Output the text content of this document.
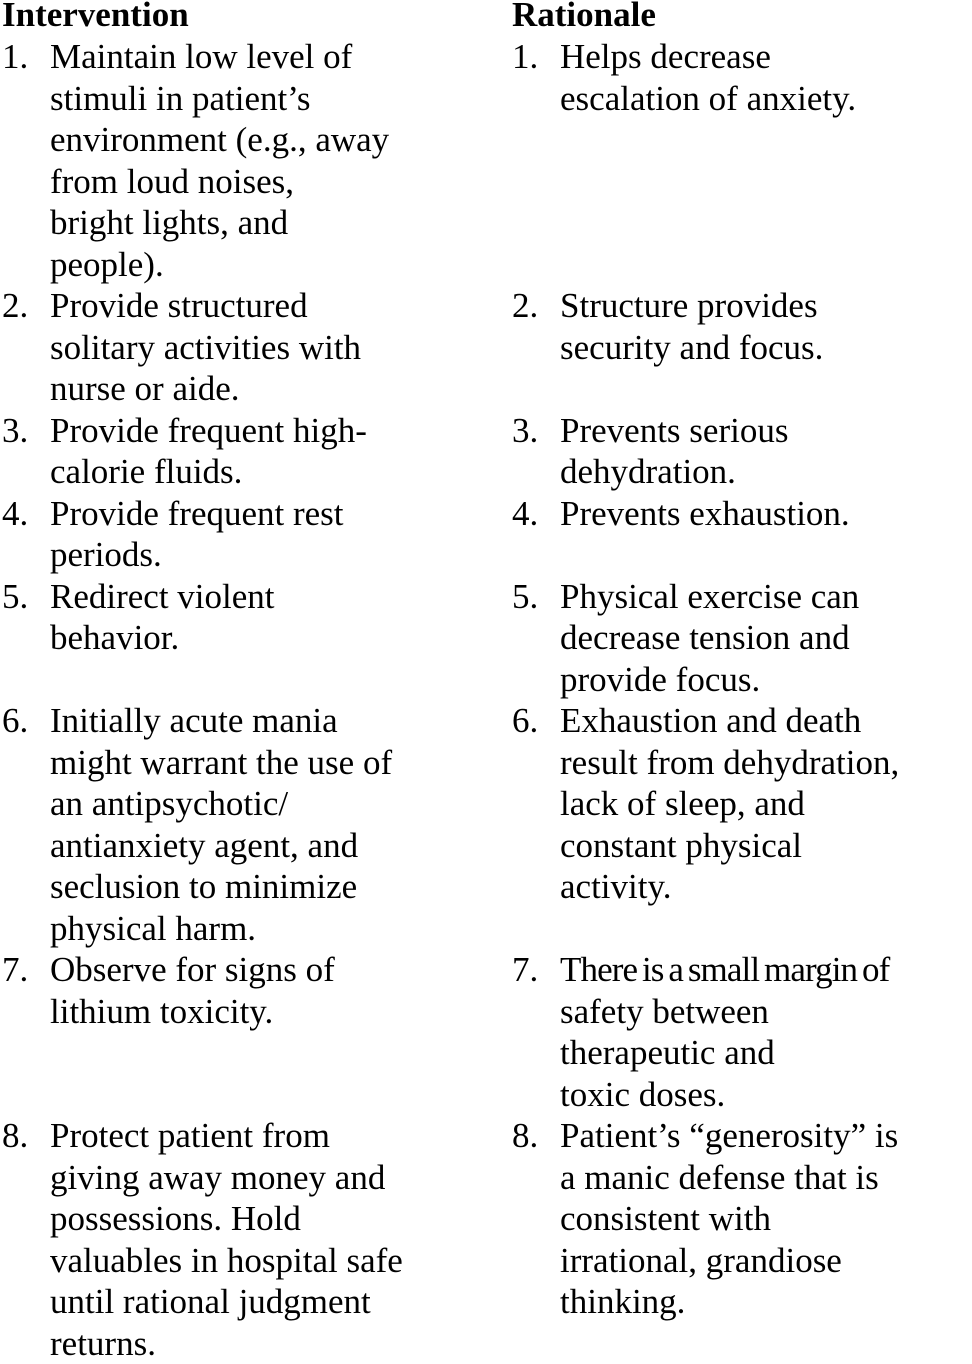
Intervention
1. Maintain low level of
stimuli in patient’s
environment (e.g., away
from loud noises,
bright lights, and
people).
2. Provide structured
solitary activities with
nurse or aide.
3. Provide frequent high-
calorie fluids.
4. Provide frequent rest
periods.
5. Redirect violent
behavior.
6. Initially acute mania
might warrant the use of
an antipsychotic/
antianxiety agent, and
seclusion to minimize
physical harm.
7. Observe for signs of
lithium toxicity.
8. Protect patient from
giving away money and
possessions. Hold
valuables in hospital safe
until rational judgment
returns.
Rationale
1. Helps decrease
escalation of anxiety.
2. Structure provides
security and focus.
3. Prevents serious
dehydration.
4. Prevents exhaustion.
5. Physical exercise can
decrease tension and
provide focus.
6. Exhaustion and death
result from dehydration,
lack of sleep, and
constant physical
activity.
7. There is a small margin of
safety between
therapeutic and
toxic doses.
8. Patient’s “generosity” is
a manic defense that is
consistent with
irrational, grandiose
thinking.
